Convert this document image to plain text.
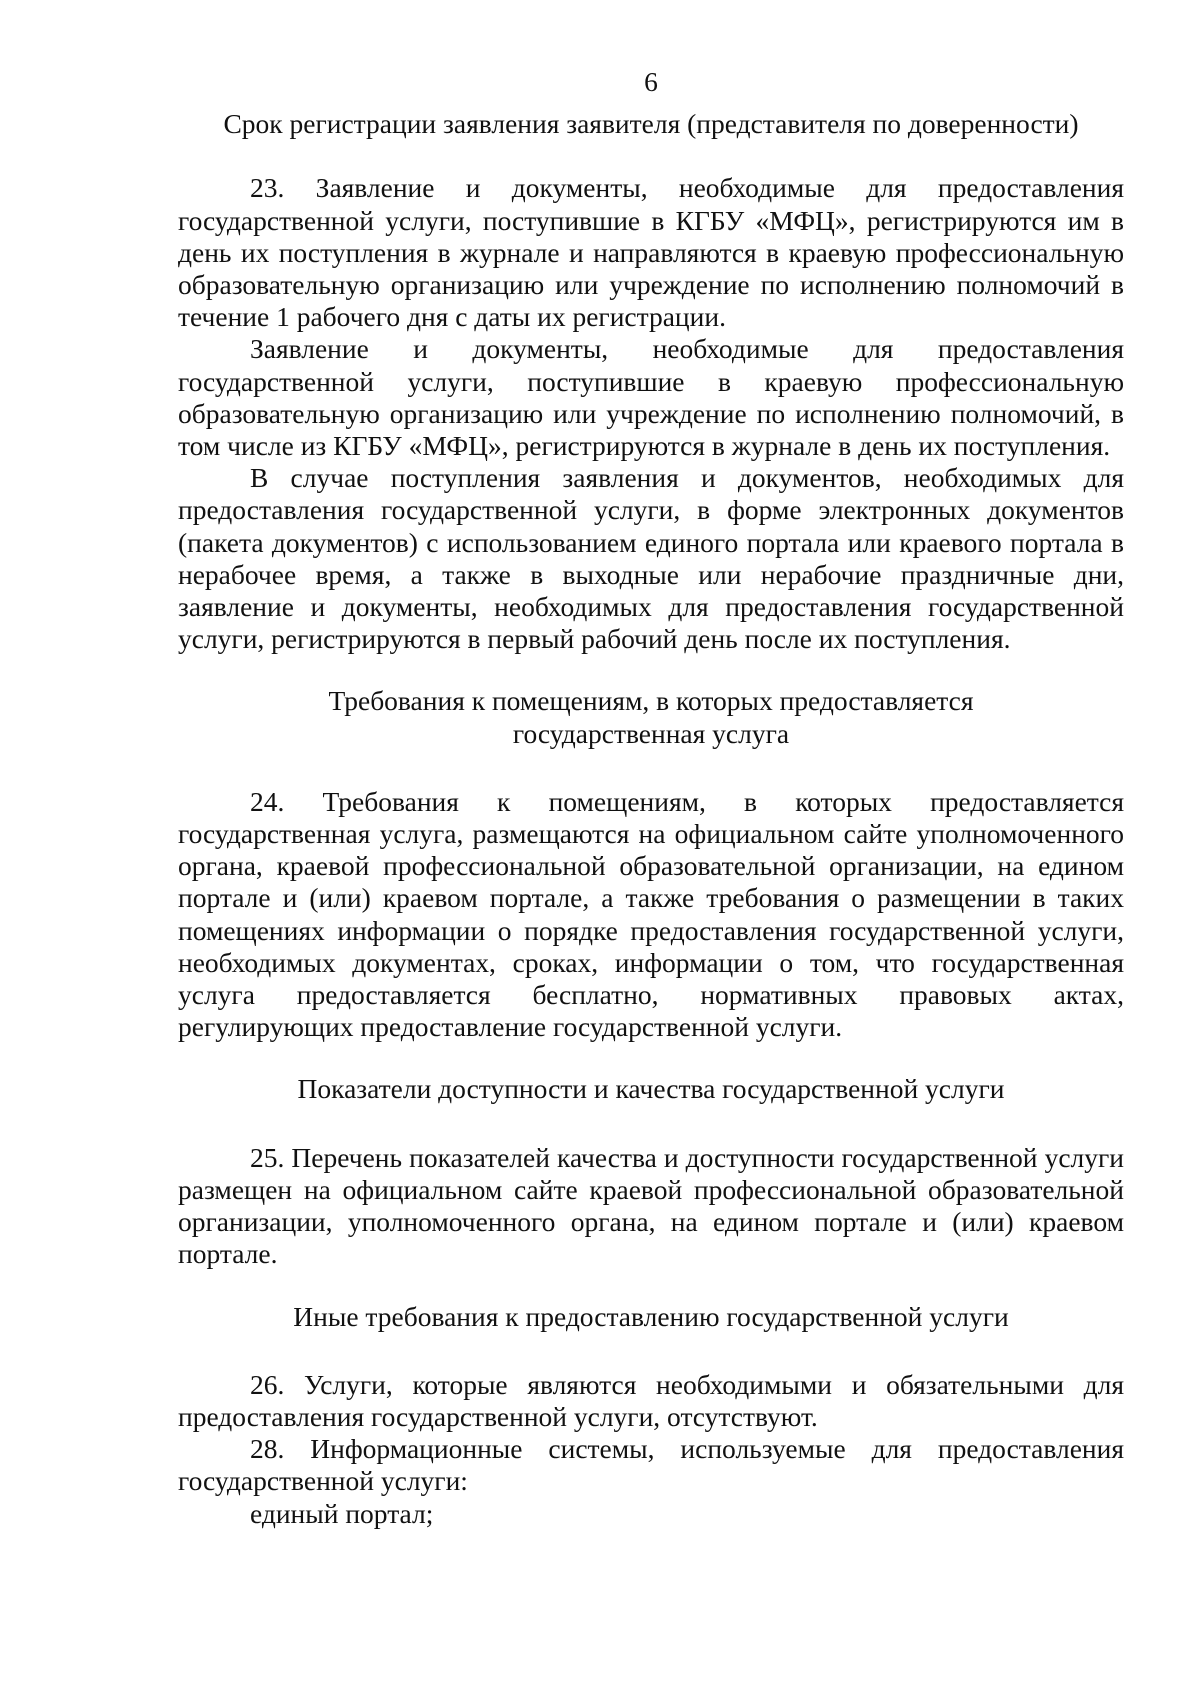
6

Срок регистрации заявления заявителя (представителя по доверенности)

23. Заявление и документы, необходимые для предоставления государственной услуги, поступившие в КГБУ «МФЦ», регистрируются им в день их поступления в журнале и направляются в краевую профессиональную образовательную организацию или учреждение по исполнению полномочий в течение 1 рабочего дня с даты их регистрации.

Заявление и документы, необходимые для предоставления государственной услуги, поступившие в краевую профессиональную образовательную организацию или учреждение по исполнению полномочий, в том числе из КГБУ «МФЦ», регистрируются в журнале в день их поступления.

В случае поступления заявления и документов, необходимых для предоставления государственной услуги, в форме электронных документов (пакета документов) с использованием единого портала или краевого портала в нерабочее время, а также в выходные или нерабочие праздничные дни, заявление и документы, необходимых для предоставления государственной услуги, регистрируются в первый рабочий день после их поступления.

Требования к помещениям, в которых предоставляется

государственная услуга

24. Требования к помещениям, в которых предоставляется государственная услуга, размещаются на официальном сайте уполномоченного органа, краевой профессиональной образовательной организации, на едином портале и (или) краевом портале, а также требования о размещении в таких помещениях информации о порядке предоставления государственной услуги, необходимых документах, сроках, информации о том, что государственная услуга предоставляется бесплатно, нормативных правовых актах, регулирующих предоставление государственной услуги.

Показатели доступности и качества государственной услуги

25. Перечень показателей качества и доступности государственной услуги размещен на официальном сайте краевой профессиональной образовательной организации, уполномоченного органа, на едином портале и (или) краевом портале.

Иные требования к предоставлению государственной услуги

26. Услуги, которые являются необходимыми и обязательными для предоставления государственной услуги, отсутствуют.

28. Информационные системы, используемые для предоставления государственной услуги:

единый портал;
